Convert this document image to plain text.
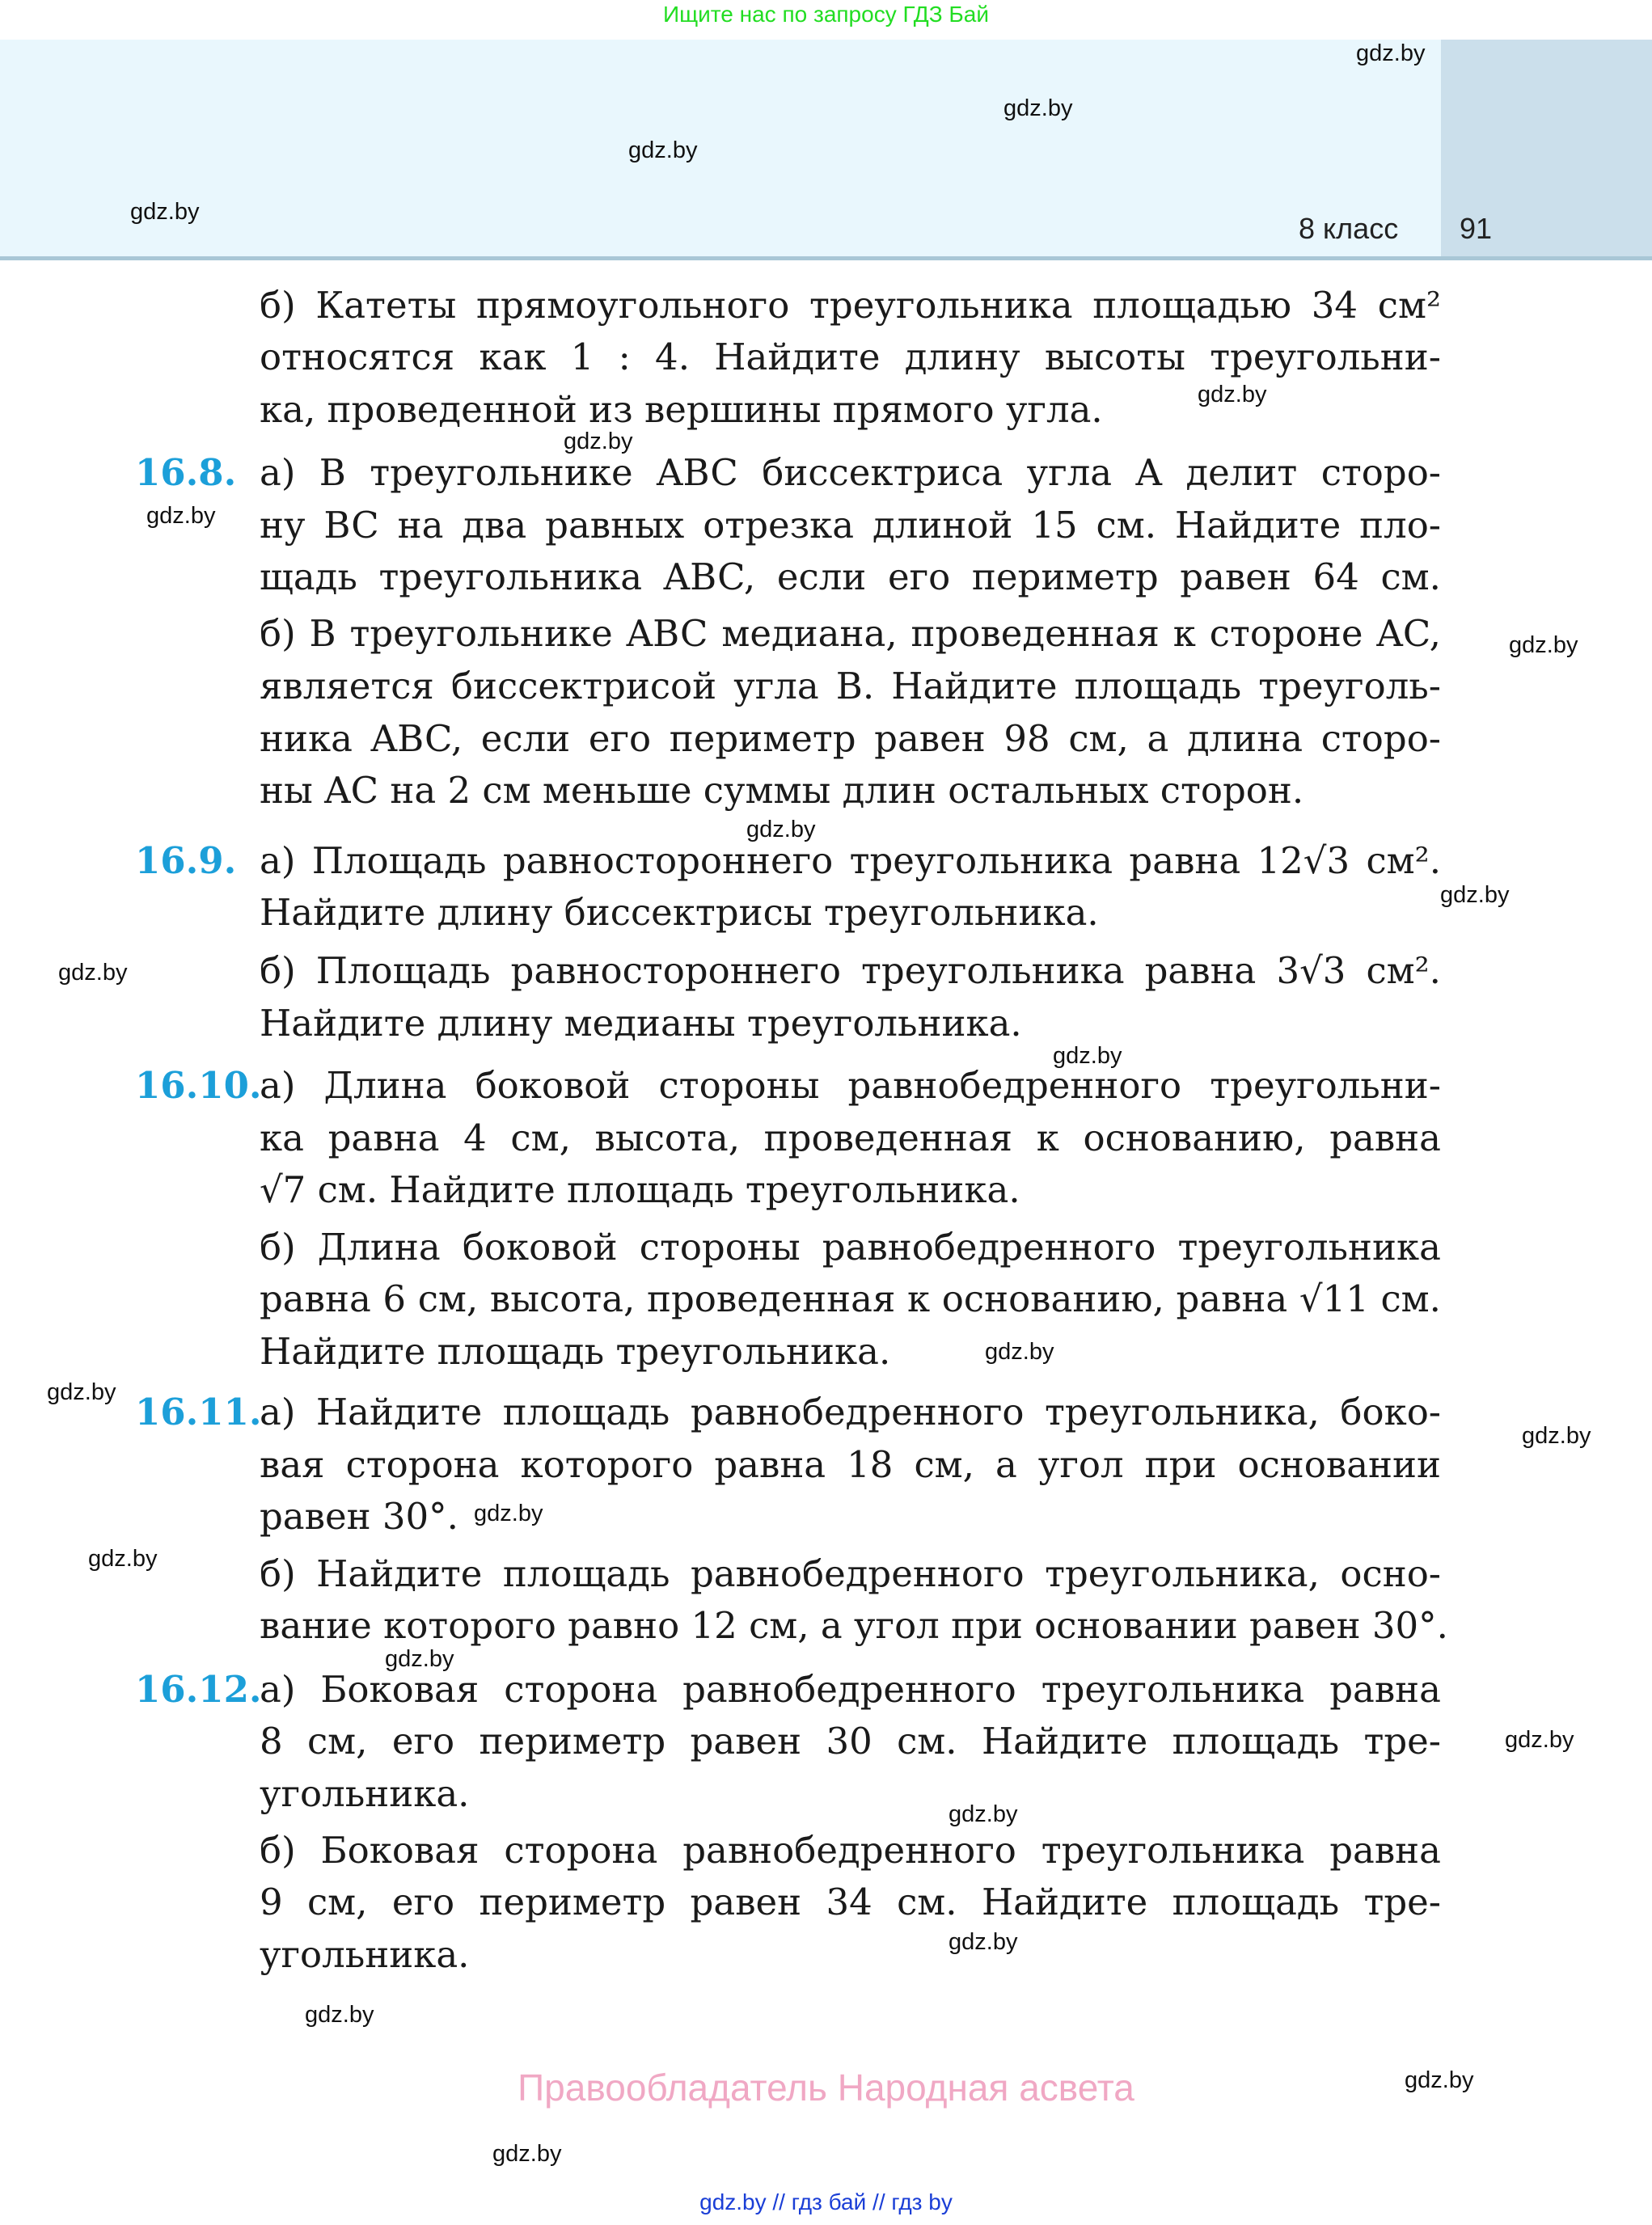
Ищите нас по запросу ГДЗ Бай
8 класс 91
gdz.by
gdz.by
gdz.by
gdz.by
gdz.by
gdz.by
gdz.by
gdz.by
gdz.by
gdz.by
gdz.by
gdz.by
gdz.by
gdz.by
gdz.by
gdz.by
gdz.by
gdz.by
gdz.by
gdz.by
gdz.by
gdz.by
gdz.by
gdz.by
б) Катеты прямоугольного треугольника площадью 34 см²
относятся как 1 : 4. Найдите длину высоты треугольни-
ка, проведенной из вершины прямого угла.
16.8. а) В треугольнике ABC биссектриса угла A делит сторо-
ну BC на два равных отрезка длиной 15 см. Найдите пло-
щадь треугольника ABC, если его периметр равен 64 см.
б) В треугольнике ABC медиана, проведенная к стороне AC,
является биссектрисой угла B. Найдите площадь треуголь-
ника ABC, если его периметр равен 98 см, а длина сторо-
ны AC на 2 см меньше суммы длин остальных сторон.
16.9. а) Площадь равностороннего треугольника равна 12√3 см².
Найдите длину биссектрисы треугольника.
б) Площадь равностороннего треугольника равна 3√3 см².
Найдите длину медианы треугольника.
16.10.
а) Длина боковой стороны равнобедренного треугольни-
ка равна 4 см, высота, проведенная к основанию, равна
√7 см. Найдите площадь треугольника.
б) Длина боковой стороны равнобедренного треугольника
равна 6 см, высота, проведенная к основанию, равна √11 см.
Найдите площадь треугольника.
16.11.
а) Найдите площадь равнобедренного треугольника, боко-
вая сторона которого равна 18 см, а угол при основании
равен 30°.
б) Найдите площадь равнобедренного треугольника, осно-
вание которого равно 12 см, а угол при основании равен 30°.
16.12.
а) Боковая сторона равнобедренного треугольника равна
8 см, его периметр равен 30 см. Найдите площадь тре-
угольника.
б) Боковая сторона равнобедренного треугольника равна
9 см, его периметр равен 34 см. Найдите площадь тре-
угольника.
Правообладатель Народная асвета
gdz.by // гдз бай // гдз by
